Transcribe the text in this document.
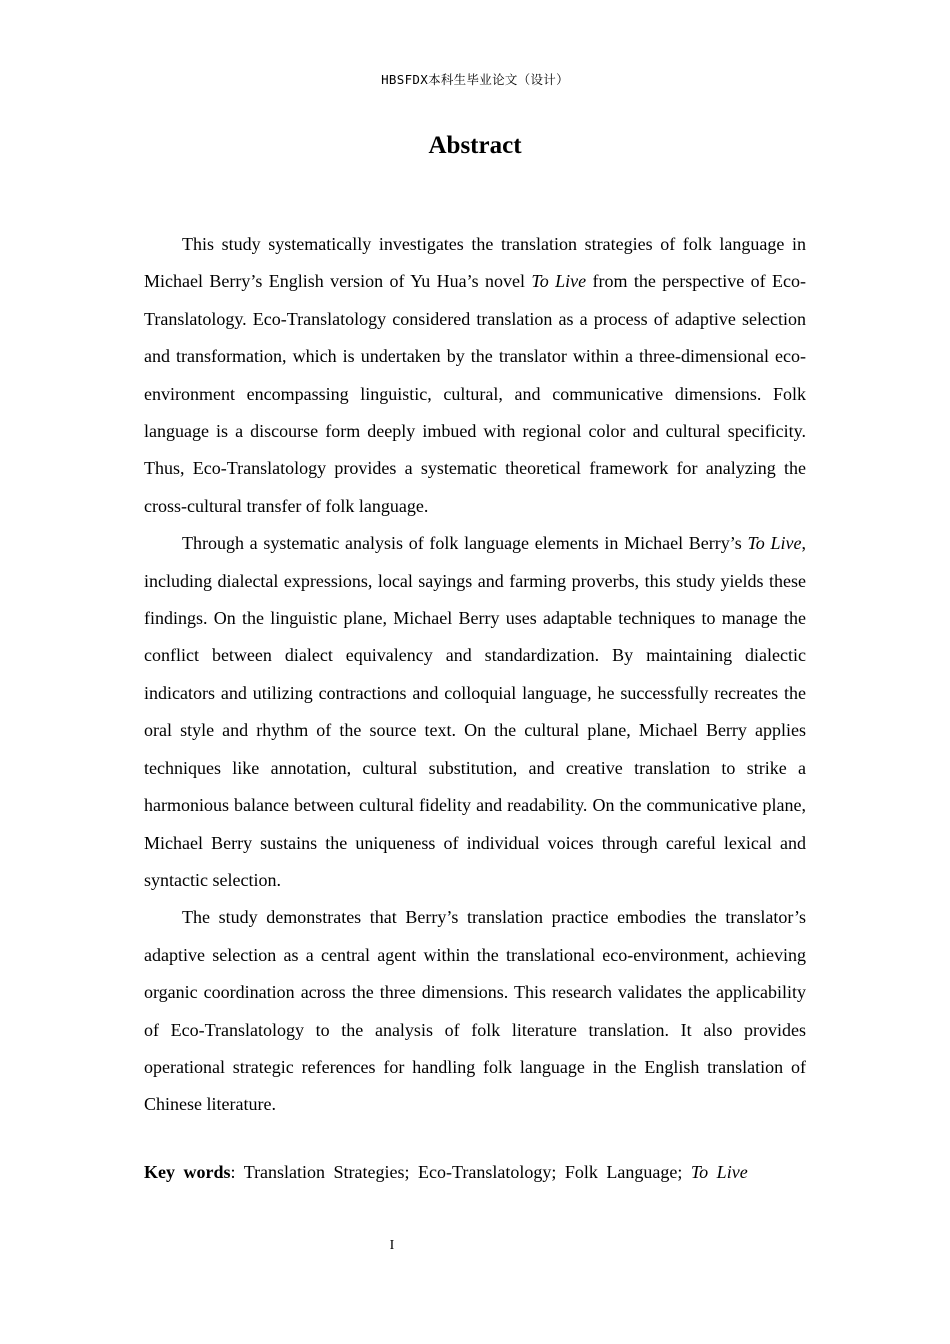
HBSFDX本科生毕业论文（设计）
Abstract

This study systematically investigates the translation strategies of folk language in Michael Berry’s English version of Yu Hua’s novel To Live from the perspective of Eco-Translatology. Eco-Translatology considered translation as a process of adaptive selection and transformation, which is undertaken by the translator within a three-dimensional eco-environment encompassing linguistic, cultural, and communicative dimensions. Folk language is a discourse form deeply imbued with regional color and cultural specificity. Thus, Eco-Translatology provides a systematic theoretical framework for analyzing the cross-cultural transfer of folk language.

Through a systematic analysis of folk language elements in Michael Berry’s To Live, including dialectal expressions, local sayings and farming proverbs, this study yields these findings. On the linguistic plane, Michael Berry uses adaptable techniques to manage the conflict between dialect equivalency and standardization. By maintaining dialectic indicators and utilizing contractions and colloquial language, he successfully recreates the oral style and rhythm of the source text. On the cultural plane, Michael Berry applies techniques like annotation, cultural substitution, and creative translation to strike a harmonious balance between cultural fidelity and readability. On the communicative plane, Michael Berry sustains the uniqueness of individual voices through careful lexical and syntactic selection.

The study demonstrates that Berry’s translation practice embodies the translator’s adaptive selection as a central agent within the translational eco-environment, achieving organic coordination across the three dimensions. This research validates the applicability of Eco-Translatology to the analysis of folk literature translation. It also provides operational strategic references for handling folk language in the English translation of Chinese literature.

Key words: Translation Strategies; Eco-Translatology; Folk Language; To Live
I
